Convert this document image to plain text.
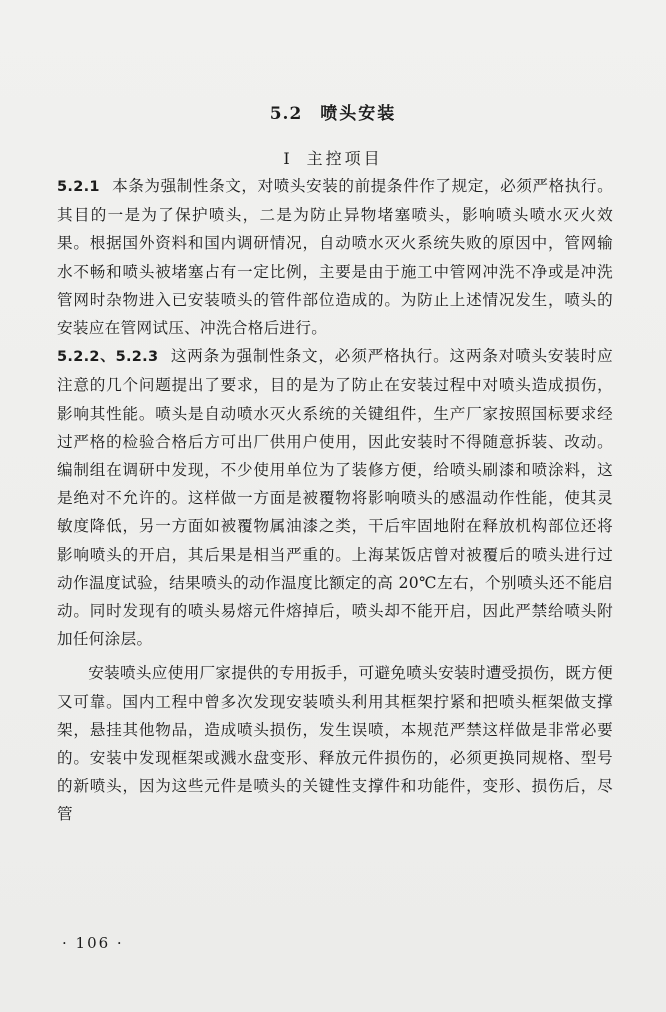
5.2 喷头安装
Ⅰ 主控项目

5.2.1 本条为强制性条文，对喷头安装的前提条件作了规定，必须严格执行。其目的一是为了保护喷头，二是为防止异物堵塞喷头，影响喷头喷水灭火效果。根据国外资料和国内调研情况，自动喷水灭火系统失败的原因中，管网输水不畅和喷头被堵塞占有一定比例，主要是由于施工中管网冲洗不净或是冲洗管网时杂物进入已安装喷头的管件部位造成的。为防止上述情况发生，喷头的安装应在管网试压、冲洗合格后进行。

5.2.2、5.2.3 这两条为强制性条文，必须严格执行。这两条对喷头安装时应注意的几个问题提出了要求，目的是为了防止在安装过程中对喷头造成损伤，影响其性能。喷头是自动喷水灭火系统的关键组件，生产厂家按照国标要求经过严格的检验合格后方可出厂供用户使用，因此安装时不得随意拆装、改动。编制组在调研中发现，不少使用单位为了装修方便，给喷头刷漆和喷涂料，这是绝对不允许的。这样做一方面是被覆物将影响喷头的感温动作性能，使其灵敏度降低，另一方面如被覆物属油漆之类，干后牢固地附在释放机构部位还将影响喷头的开启，其后果是相当严重的。上海某饭店曾对被覆后的喷头进行过动作温度试验，结果喷头的动作温度比额定的高 20℃左右，个别喷头还不能启动。同时发现有的喷头易熔元件熔掉后，喷头却不能开启，因此严禁给喷头附加任何涂层。

安装喷头应使用厂家提供的专用扳手，可避免喷头安装时遭受损伤，既方便又可靠。国内工程中曾多次发现安装喷头利用其框架拧紧和把喷头框架做支撑架，悬挂其他物品，造成喷头损伤，发生误喷，本规范严禁这样做是非常必要的。安装中发现框架或溅水盘变形、释放元件损伤的，必须更换同规格、型号的新喷头，因为这些元件是喷头的关键性支撑件和功能件，变形、损伤后，尽管

· 106 ·
